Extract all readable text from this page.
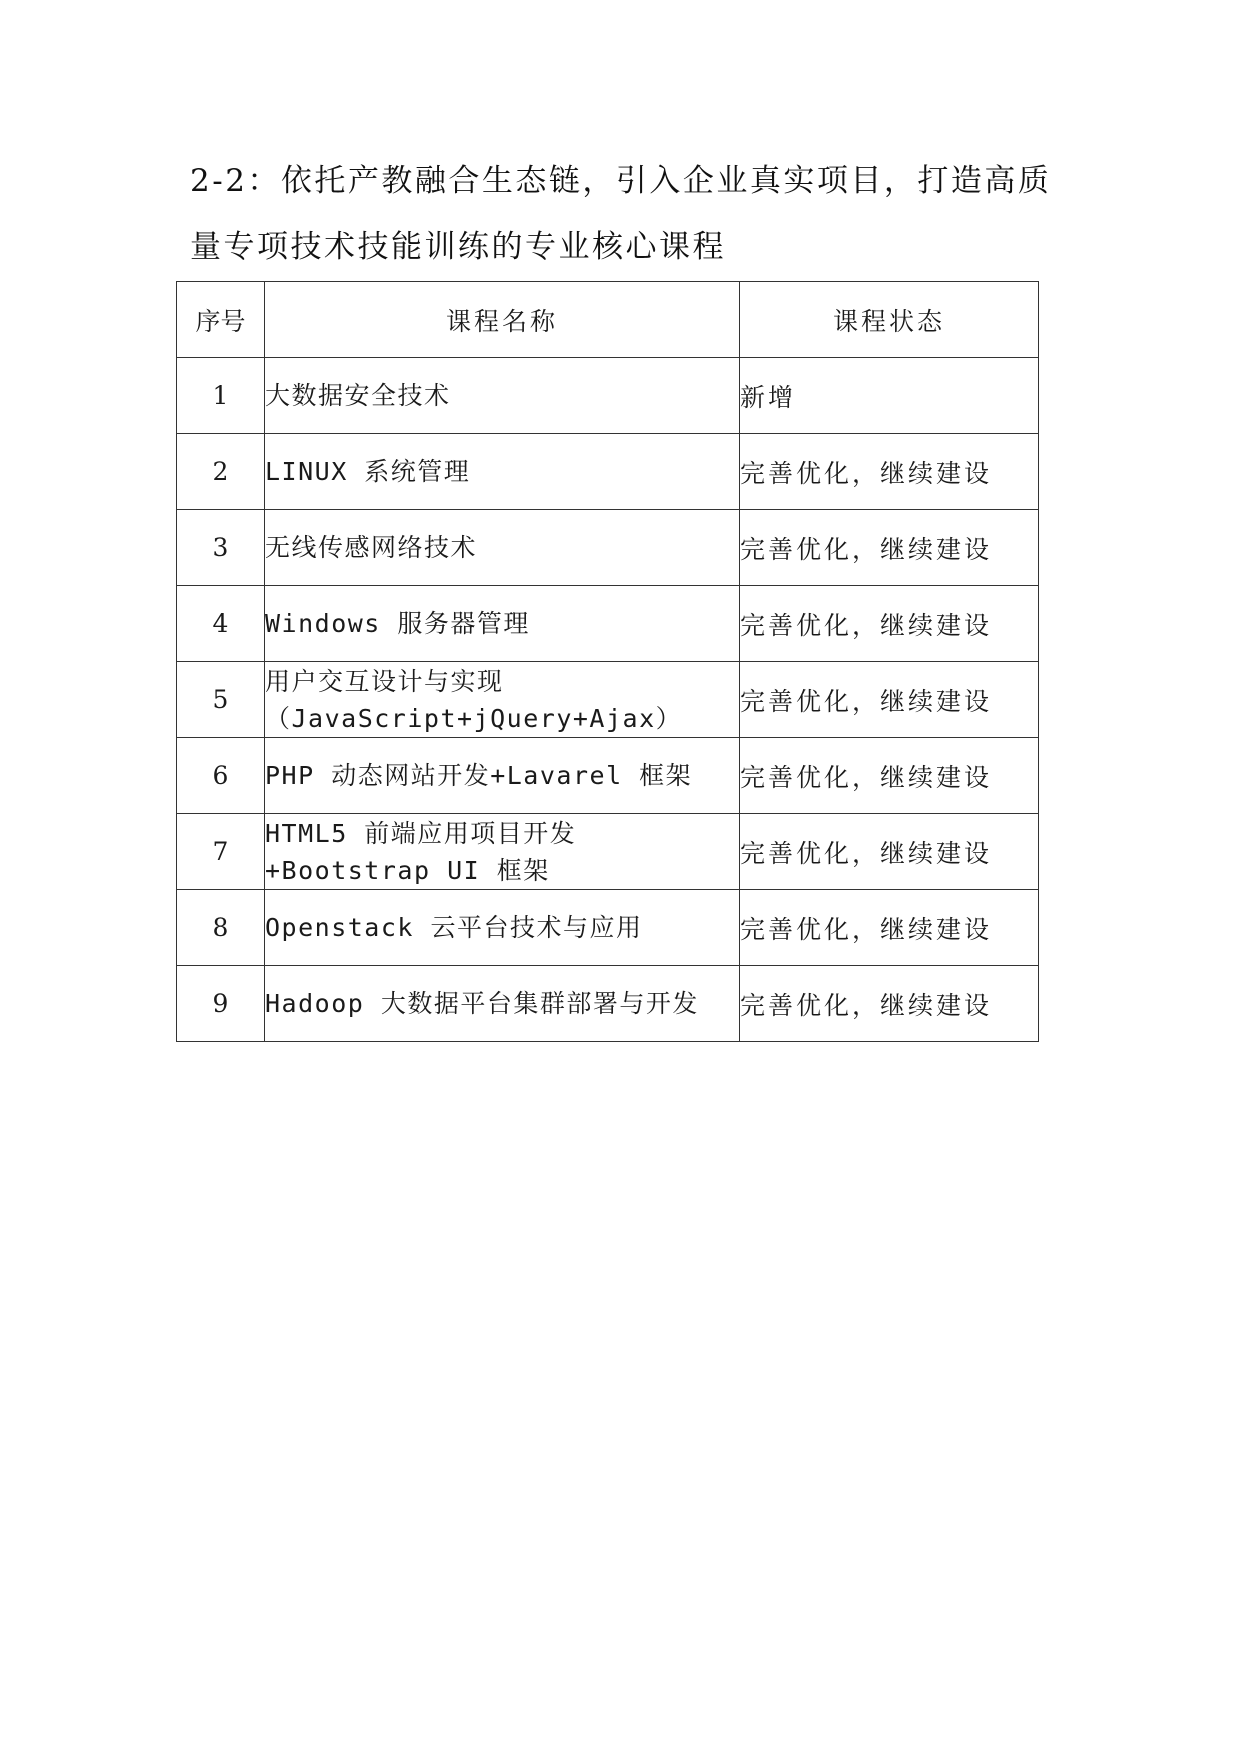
2-2：依托产教融合生态链，引入企业真实项目，打造高质
量专项技术技能训练的专业核心课程
序号	课程名称	课程状态
1	大数据安全技术	新增
2	LINUX 系统管理	完善优化，继续建设
3	无线传感网络技术	完善优化，继续建设
4	Windows 服务器管理	完善优化，继续建设
5	用户交互设计与实现
（JavaScript+jQuery+Ajax）	完善优化，继续建设
6	PHP 动态网站开发+Lavarel 框架	完善优化，继续建设
7	HTML5 前端应用项目开发
+Bootstrap UI 框架	完善优化，继续建设
8	Openstack 云平台技术与应用	完善优化，继续建设
9	Hadoop 大数据平台集群部署与开发	完善优化，继续建设
